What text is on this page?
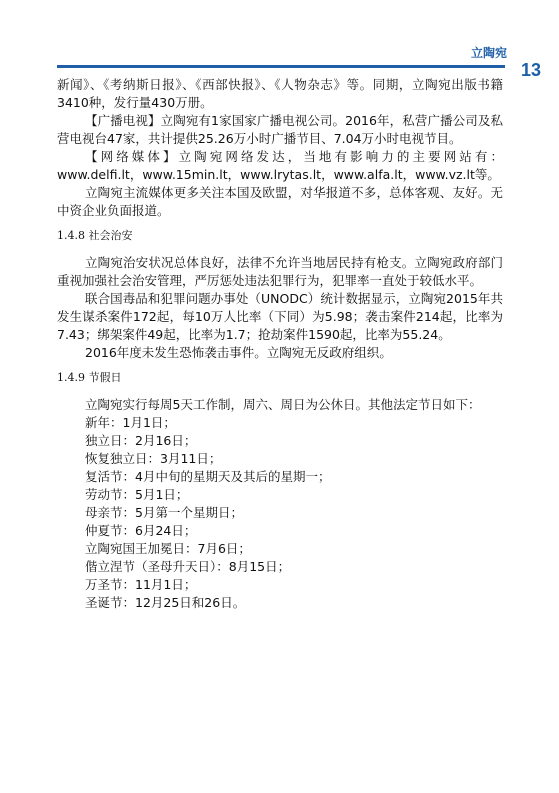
立陶宛
13

新闻》、《考纳斯日报》、《西部快报》、《人物杂志》等。同期，立陶宛出版书籍3410种，发行量430万册。

【广播电视】立陶宛有1家国家广播电视公司。2016年，私营广播公司及私营电视台47家，共计提供25.26万小时广播节目、7.04万小时电视节目。

【网络媒体】立陶宛网络发达，当地有影响力的主要网站有：www.delfi.lt，www.15min.lt，www.lrytas.lt，www.alfa.lt，www.vz.lt等。

立陶宛主流媒体更多关注本国及欧盟，对华报道不多，总体客观、友好。无中资企业负面报道。

1.4.8 社会治安

立陶宛治安状况总体良好，法律不允许当地居民持有枪支。立陶宛政府部门重视加强社会治安管理，严厉惩处违法犯罪行为，犯罪率一直处于较低水平。

联合国毒品和犯罪问题办事处（UNODC）统计数据显示，立陶宛2015年共发生谋杀案件172起，每10万人比率（下同）为5.98；袭击案件214起，比率为7.43；绑架案件49起，比率为1.7；抢劫案件1590起，比率为55.24。

2016年度未发生恐怖袭击事件。立陶宛无反政府组织。

1.4.9 节假日

立陶宛实行每周5天工作制，周六、周日为公休日。其他法定节日如下：

新年：1月1日；
独立日：2月16日；
恢复独立日：3月11日；
复活节：4月中旬的星期天及其后的星期一；
劳动节：5月1日；
母亲节：5月第一个星期日；
仲夏节：6月24日；
立陶宛国王加冕日：7月6日；
偕立涅节（圣母升天日）：8月15日；
万圣节：11月1日；
圣诞节：12月25日和26日。
